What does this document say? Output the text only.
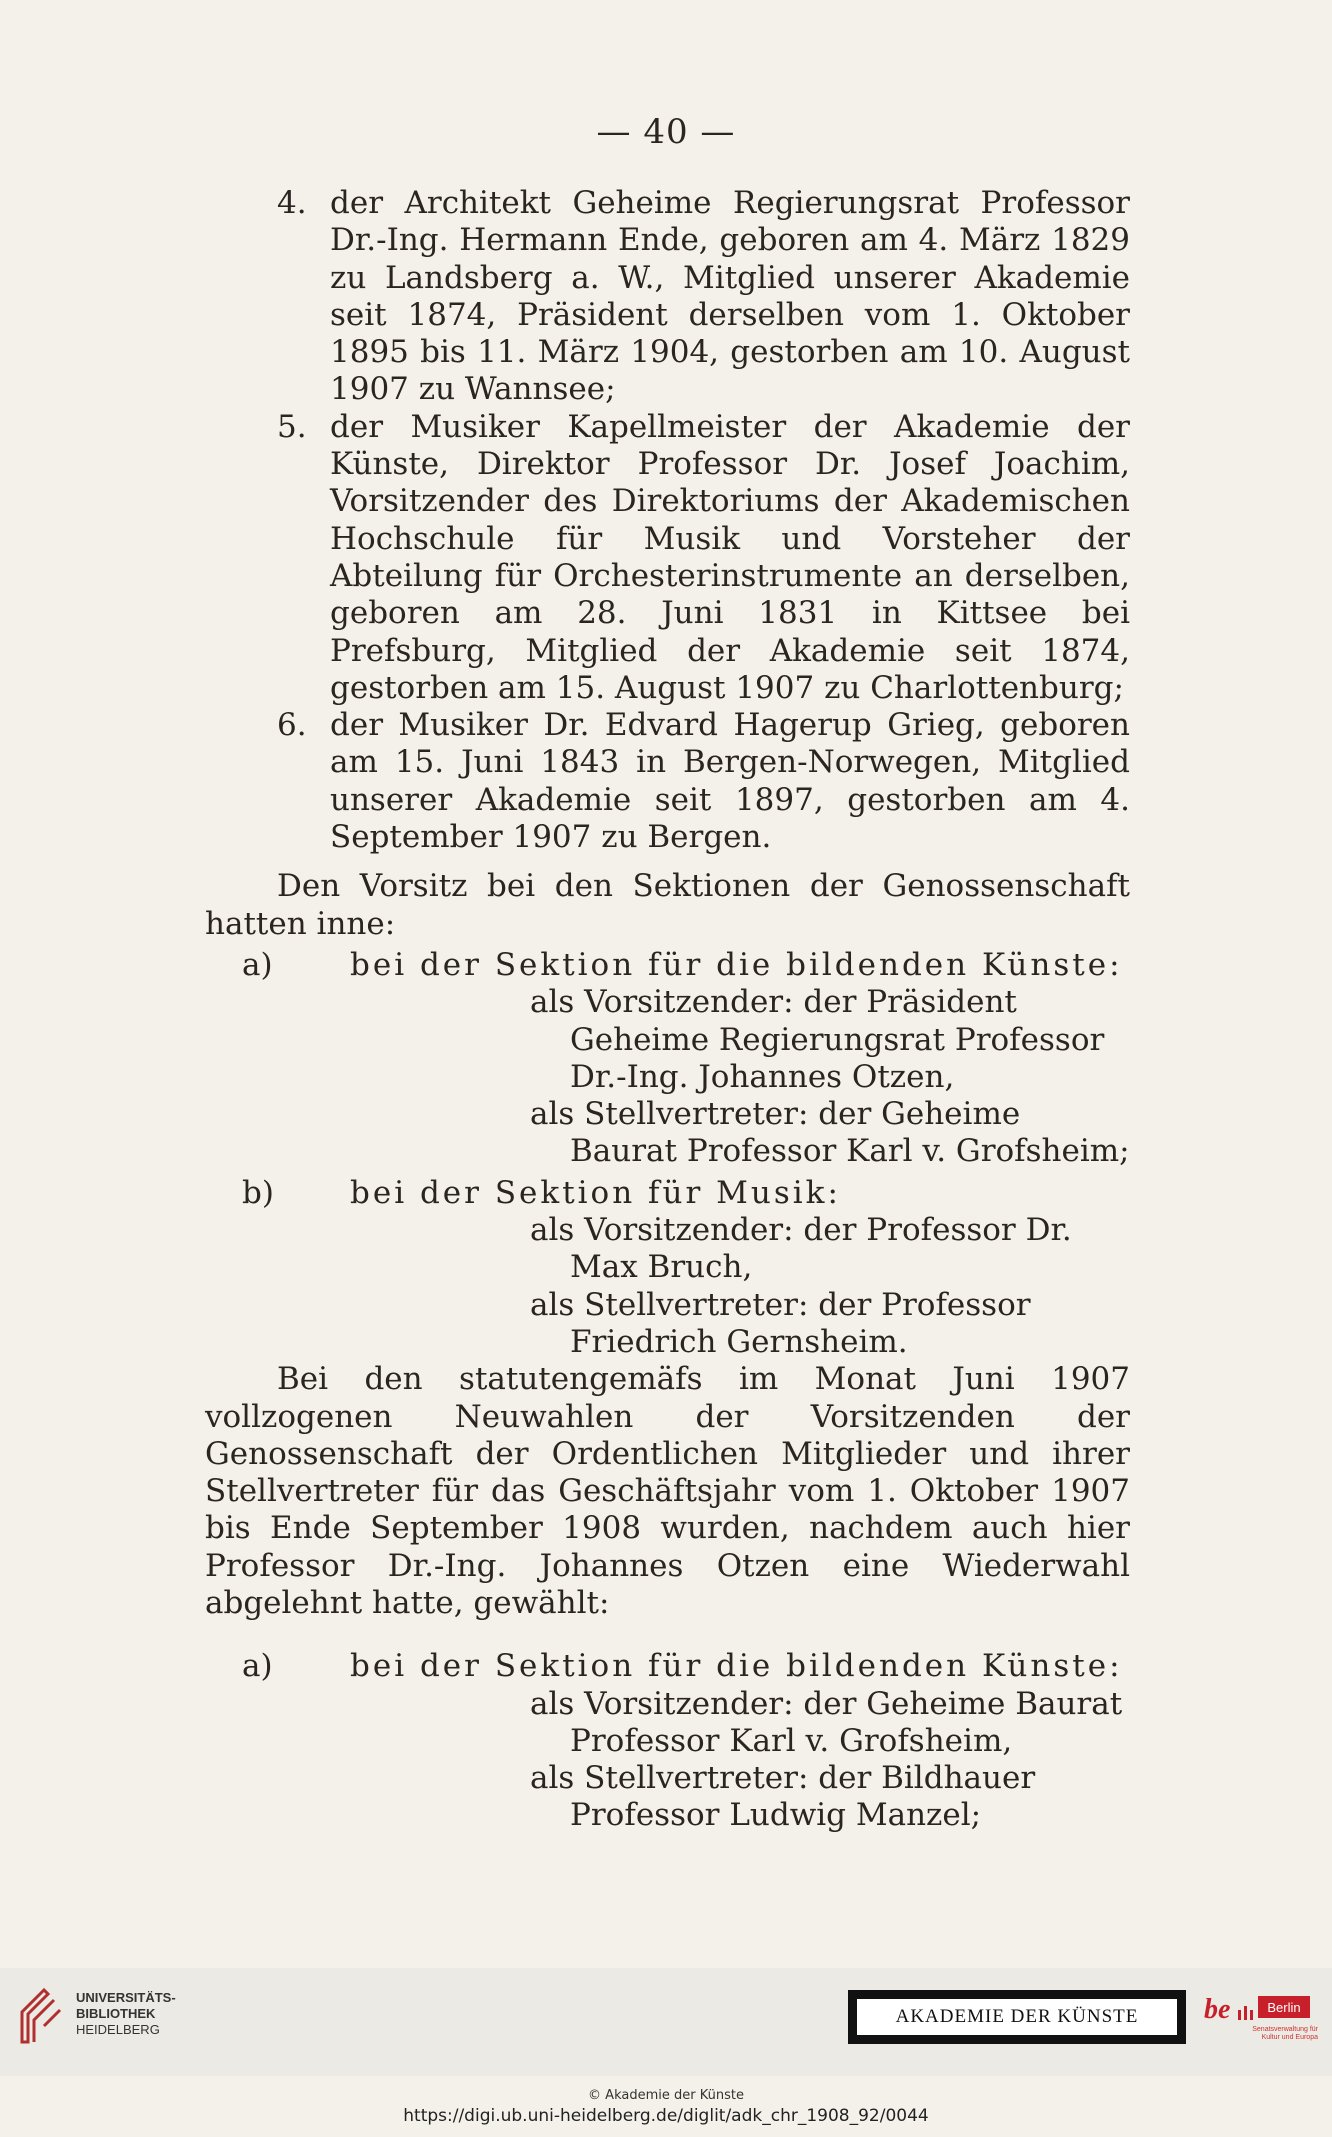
— 40 —

4. der Architekt Geheime Regierungsrat Professor Dr.-Ing. Hermann Ende, geboren am 4. März 1829 zu Landsberg a. W., Mitglied unserer Akademie seit 1874, Präsident derselben vom 1. Oktober 1895 bis 11. März 1904, gestorben am 10. August 1907 zu Wannsee;

5. der Musiker Kapellmeister der Akademie der Künste, Direktor Professor Dr. Josef Joachim, Vorsitzender des Direktoriums der Akademischen Hochschule für Musik und Vorsteher der Abteilung für Orchesterinstrumente an derselben, geboren am 28. Juni 1831 in Kittsee bei Prefsburg, Mitglied der Akademie seit 1874, gestorben am 15. August 1907 zu Charlottenburg;

6. der Musiker Dr. Edvard Hagerup Grieg, geboren am 15. Juni 1843 in Bergen-Norwegen, Mitglied unserer Akademie seit 1897, gestorben am 4. September 1907 zu Bergen.

Den Vorsitz bei den Sektionen der Genossenschaft hatten inne:

a) bei der Sektion für die bildenden Künste:

als Vorsitzender: der Präsident Geheime Regierungsrat Professor Dr.-Ing. Johannes Otzen,

als Stellvertreter: der Geheime Baurat Professor Karl v. Grofsheim;

b) bei der Sektion für Musik:

als Vorsitzender: der Professor Dr. Max Bruch,

als Stellvertreter: der Professor Friedrich Gernsheim.

Bei den statutengemäfs im Monat Juni 1907 vollzogenen Neuwahlen der Vorsitzenden der Genossenschaft der Ordentlichen Mitglieder und ihrer Stellvertreter für das Geschäftsjahr vom 1. Oktober 1907 bis Ende September 1908 wurden, nachdem auch hier Professor Dr.-Ing. Johannes Otzen eine Wiederwahl abgelehnt hatte, gewählt:

a) bei der Sektion für die bildenden Künste:

als Vorsitzender: der Geheime Baurat Professor Karl v. Grofsheim,

als Stellvertreter: der Bildhauer Professor Ludwig Manzel;

UNIVERSITÄTS-
BIBLIOTHEK
HEIDELBERG
AKADEMIE DER KÜNSTE	be	Berlin
Senatsverwaltung für Kultur und Europa
© Akademie der Künste
https://digi.ub.uni-heidelberg.de/diglit/adk_chr_1908_92/0044
